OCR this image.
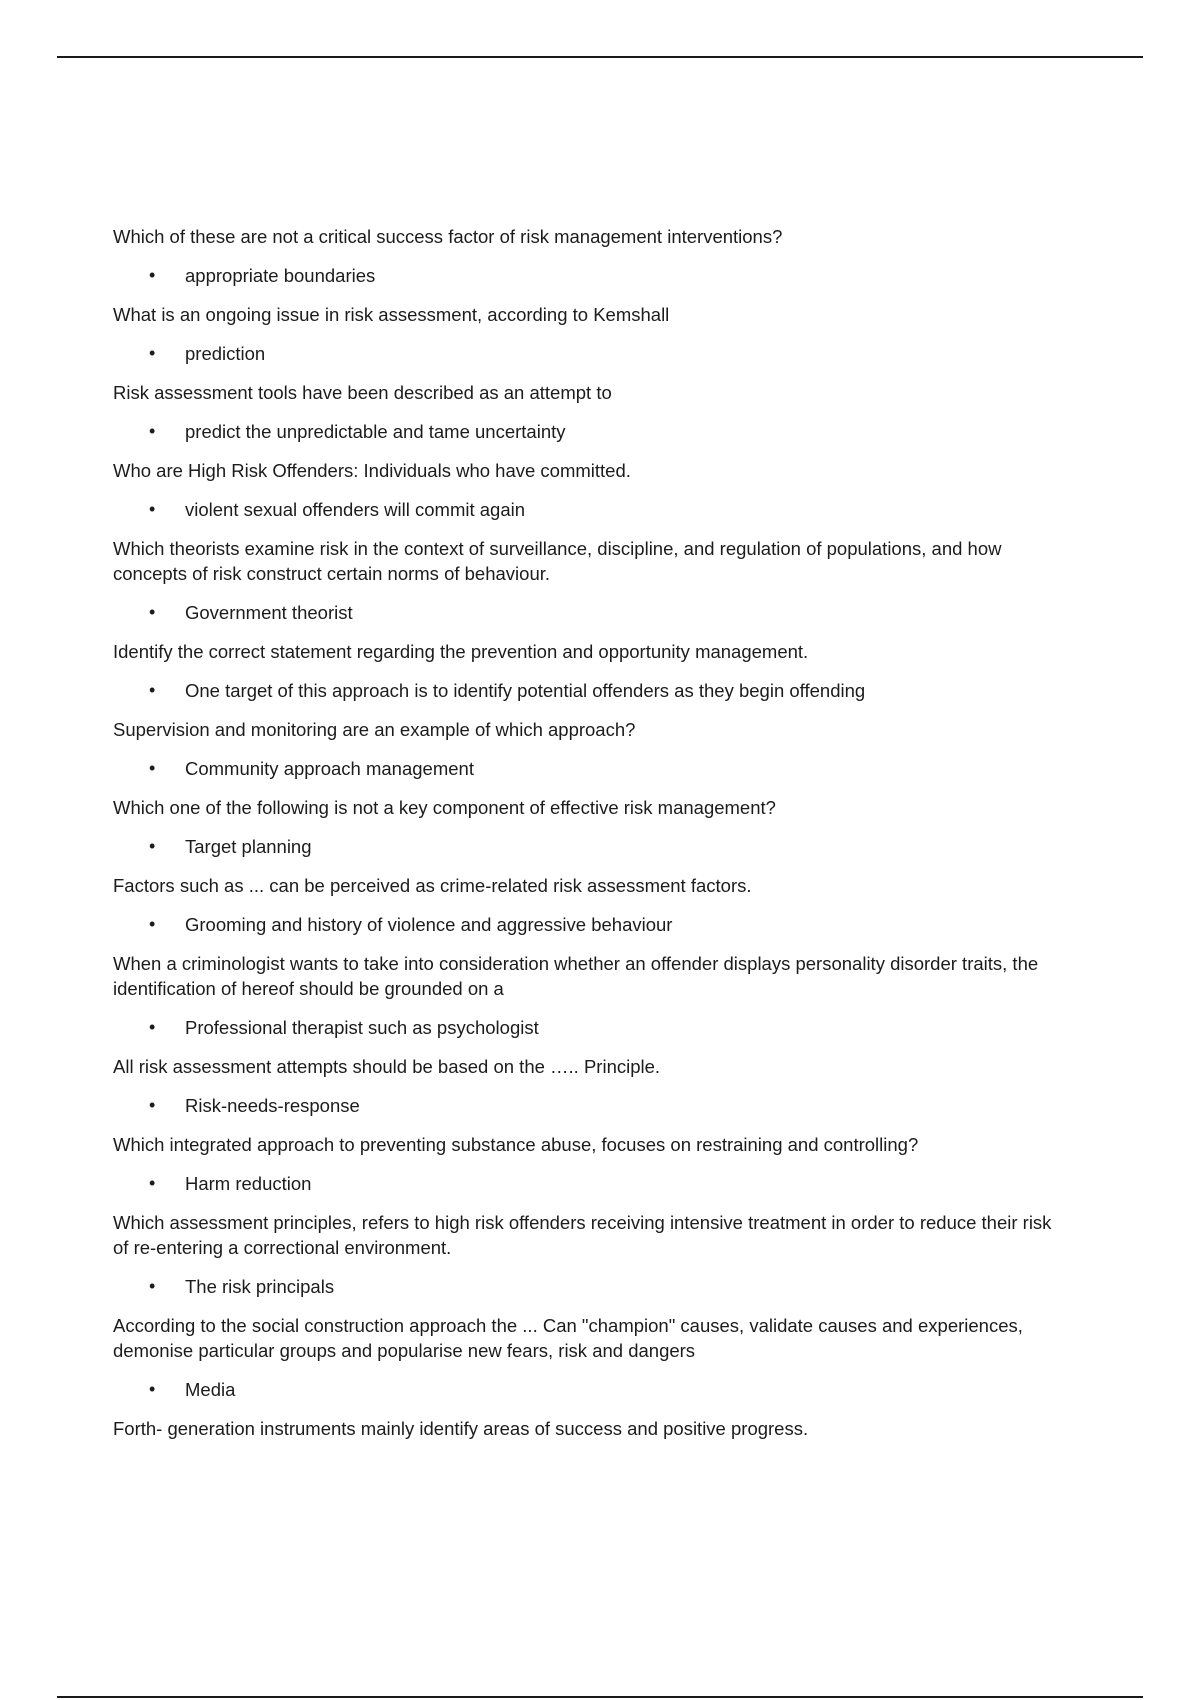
Which of these are not a critical success factor of risk management interventions?

• appropriate boundaries

What is an ongoing issue in risk assessment, according to Kemshall

• prediction

Risk assessment tools have been described as an attempt to

• predict the unpredictable and tame uncertainty

Who are High Risk Offenders: Individuals who have committed.

• violent sexual offenders will commit again

Which theorists examine risk in the context of surveillance, discipline, and regulation of populations, and how concepts of risk construct certain norms of behaviour.

• Government theorist

Identify the correct statement regarding the prevention and opportunity management.

• One target of this approach is to identify potential offenders as they begin offending

Supervision and monitoring are an example of which approach?

• Community approach management

Which one of the following is not a key component of effective risk management?

• Target planning

Factors such as ... can be perceived as crime-related risk assessment factors.

• Grooming and history of violence and aggressive behaviour

When a criminologist wants to take into consideration whether an offender displays personality disorder traits, the identification of hereof should be grounded on a

• Professional therapist such as psychologist

All risk assessment attempts should be based on the ….. Principle.

• Risk-needs-response

Which integrated approach to preventing substance abuse, focuses on restraining and controlling?

• Harm reduction

Which assessment principles, refers to high risk offenders receiving intensive treatment in order to reduce their risk of re-entering a correctional environment.

• The risk principals

According to the social construction approach the ... Can "champion" causes, validate causes and experiences, demonise particular groups and popularise new fears, risk and dangers

• Media

Forth- generation instruments mainly identify areas of success and positive progress.
